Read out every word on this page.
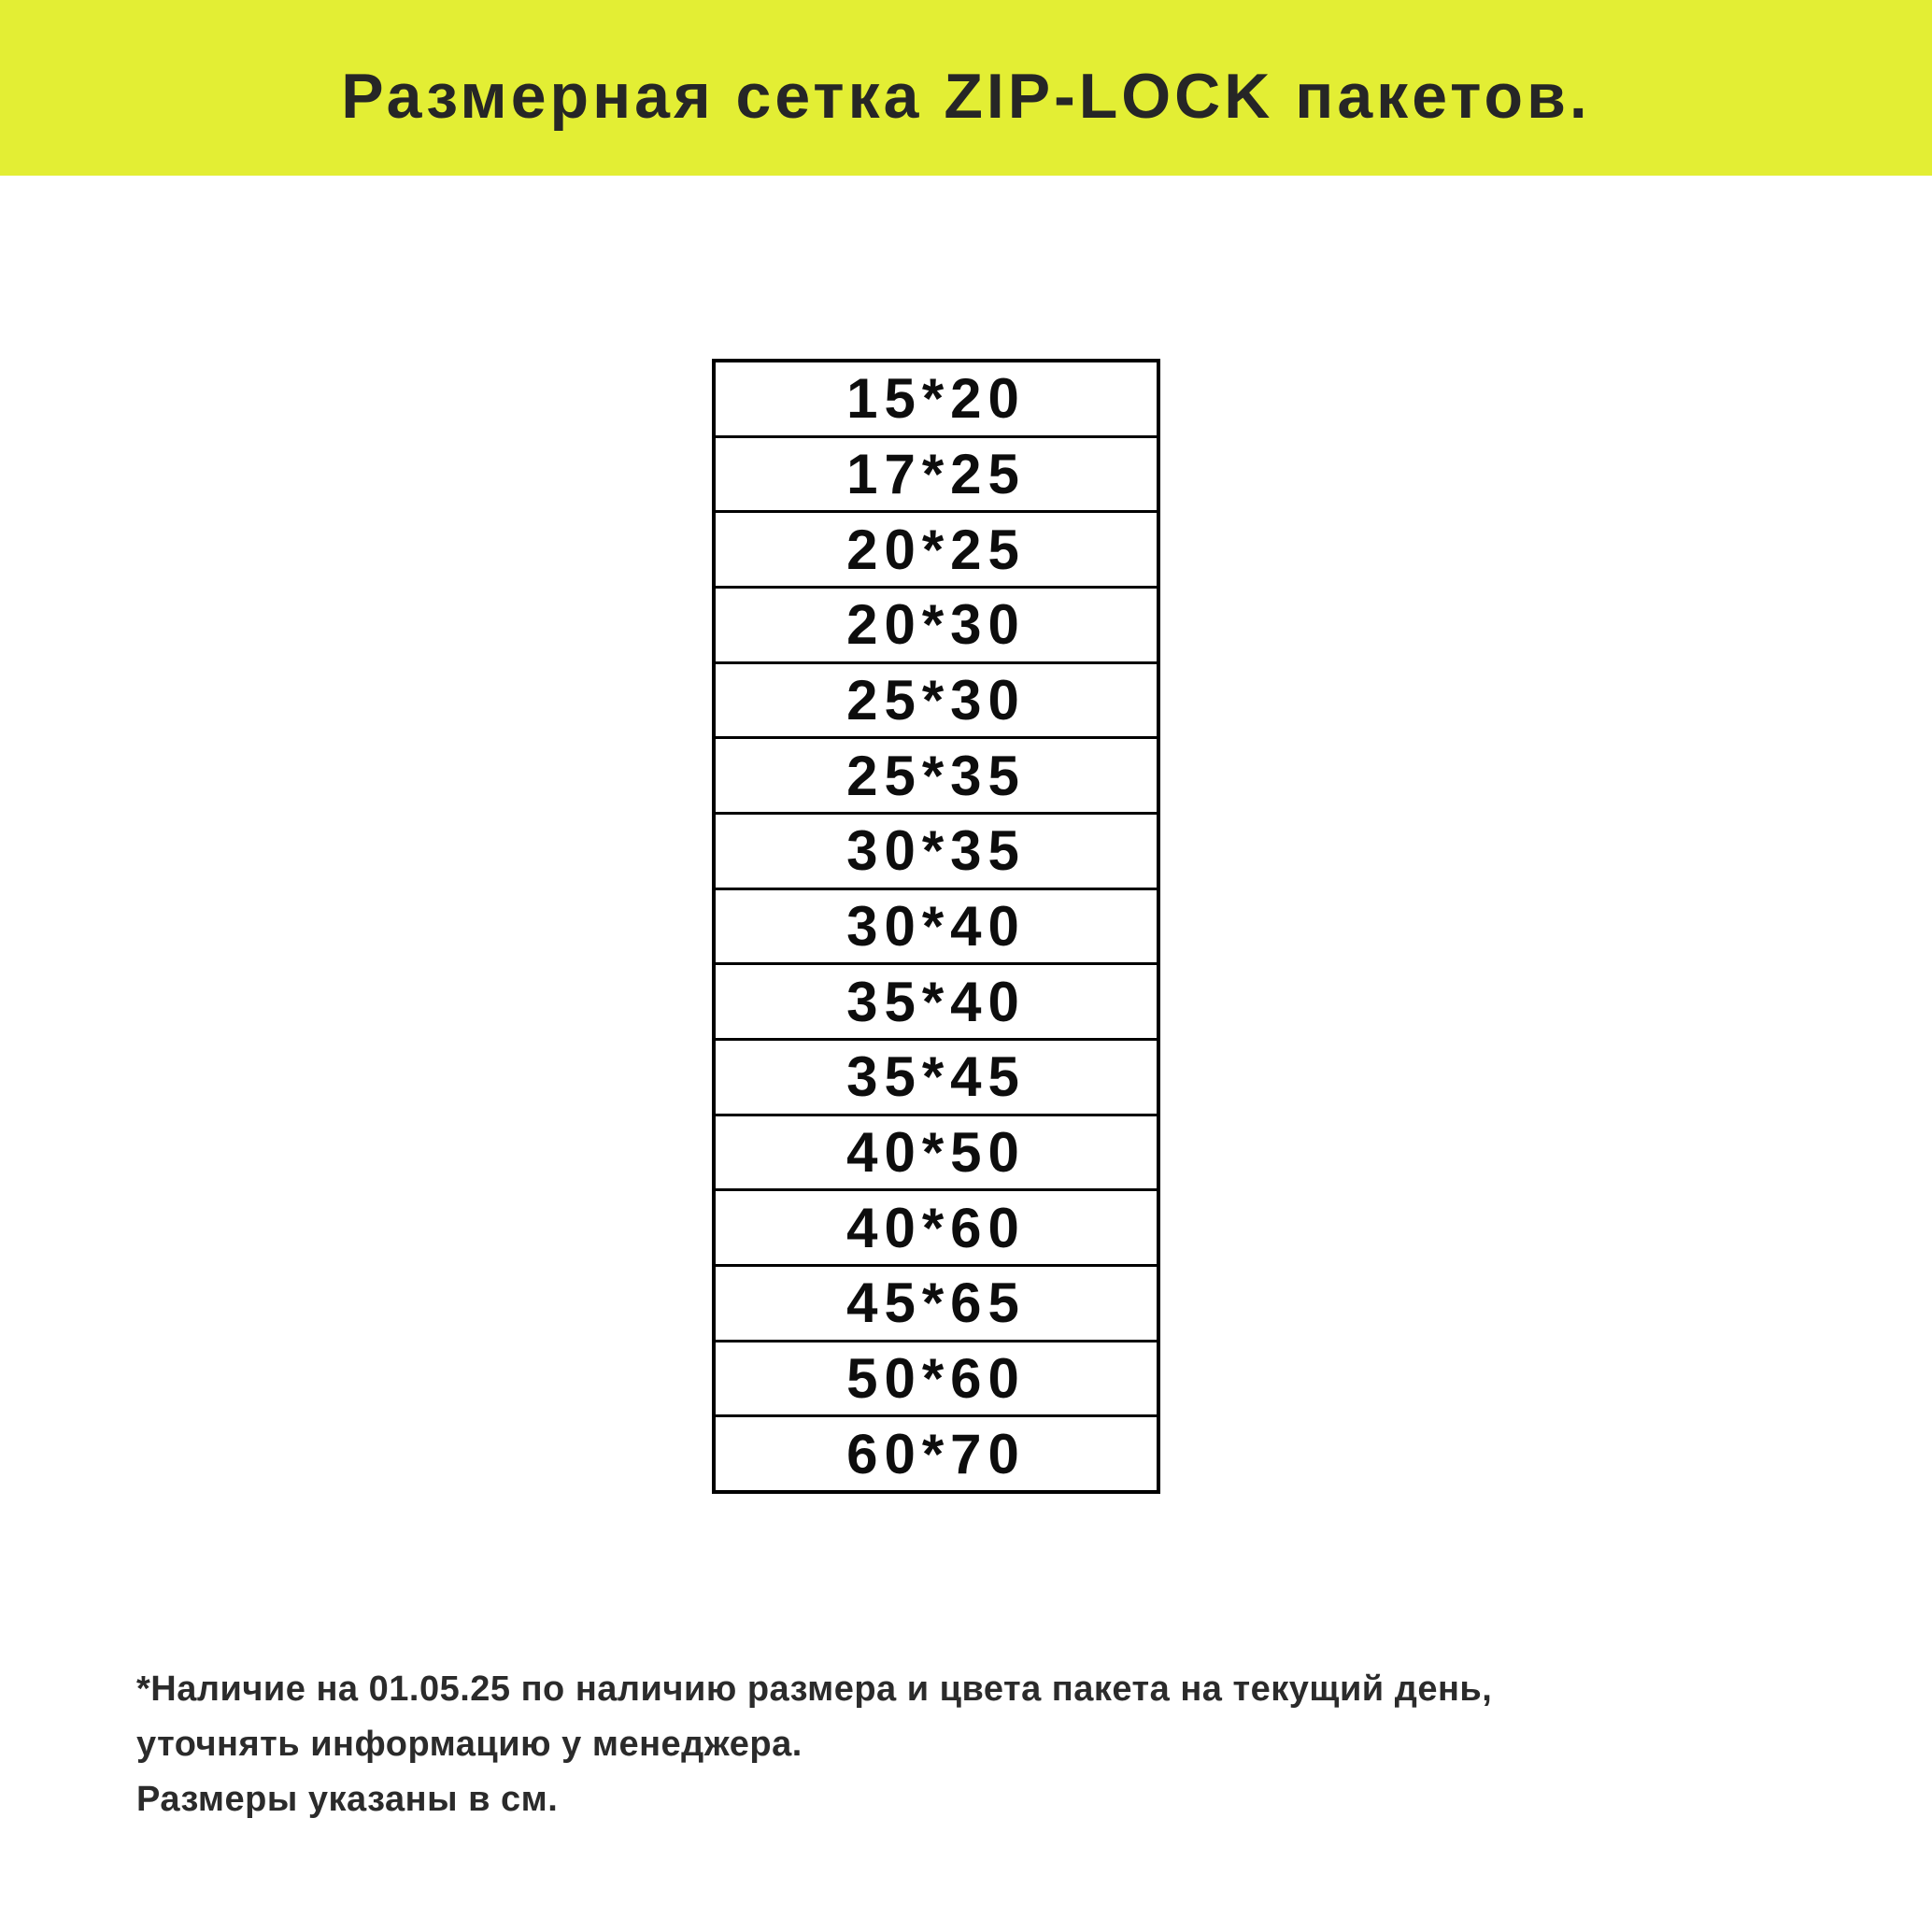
Размерная сетка ZIP-LOCK пакетов.
15*20
17*25
20*25
20*30
25*30
25*35
30*35
30*40
35*40
35*45
40*50
40*60
45*65
50*60
60*70
*Наличие на 01.05.25 по наличию размера и цвета пакета на текущий день,
уточнять информацию у менеджера.
Размеры указаны в см.
